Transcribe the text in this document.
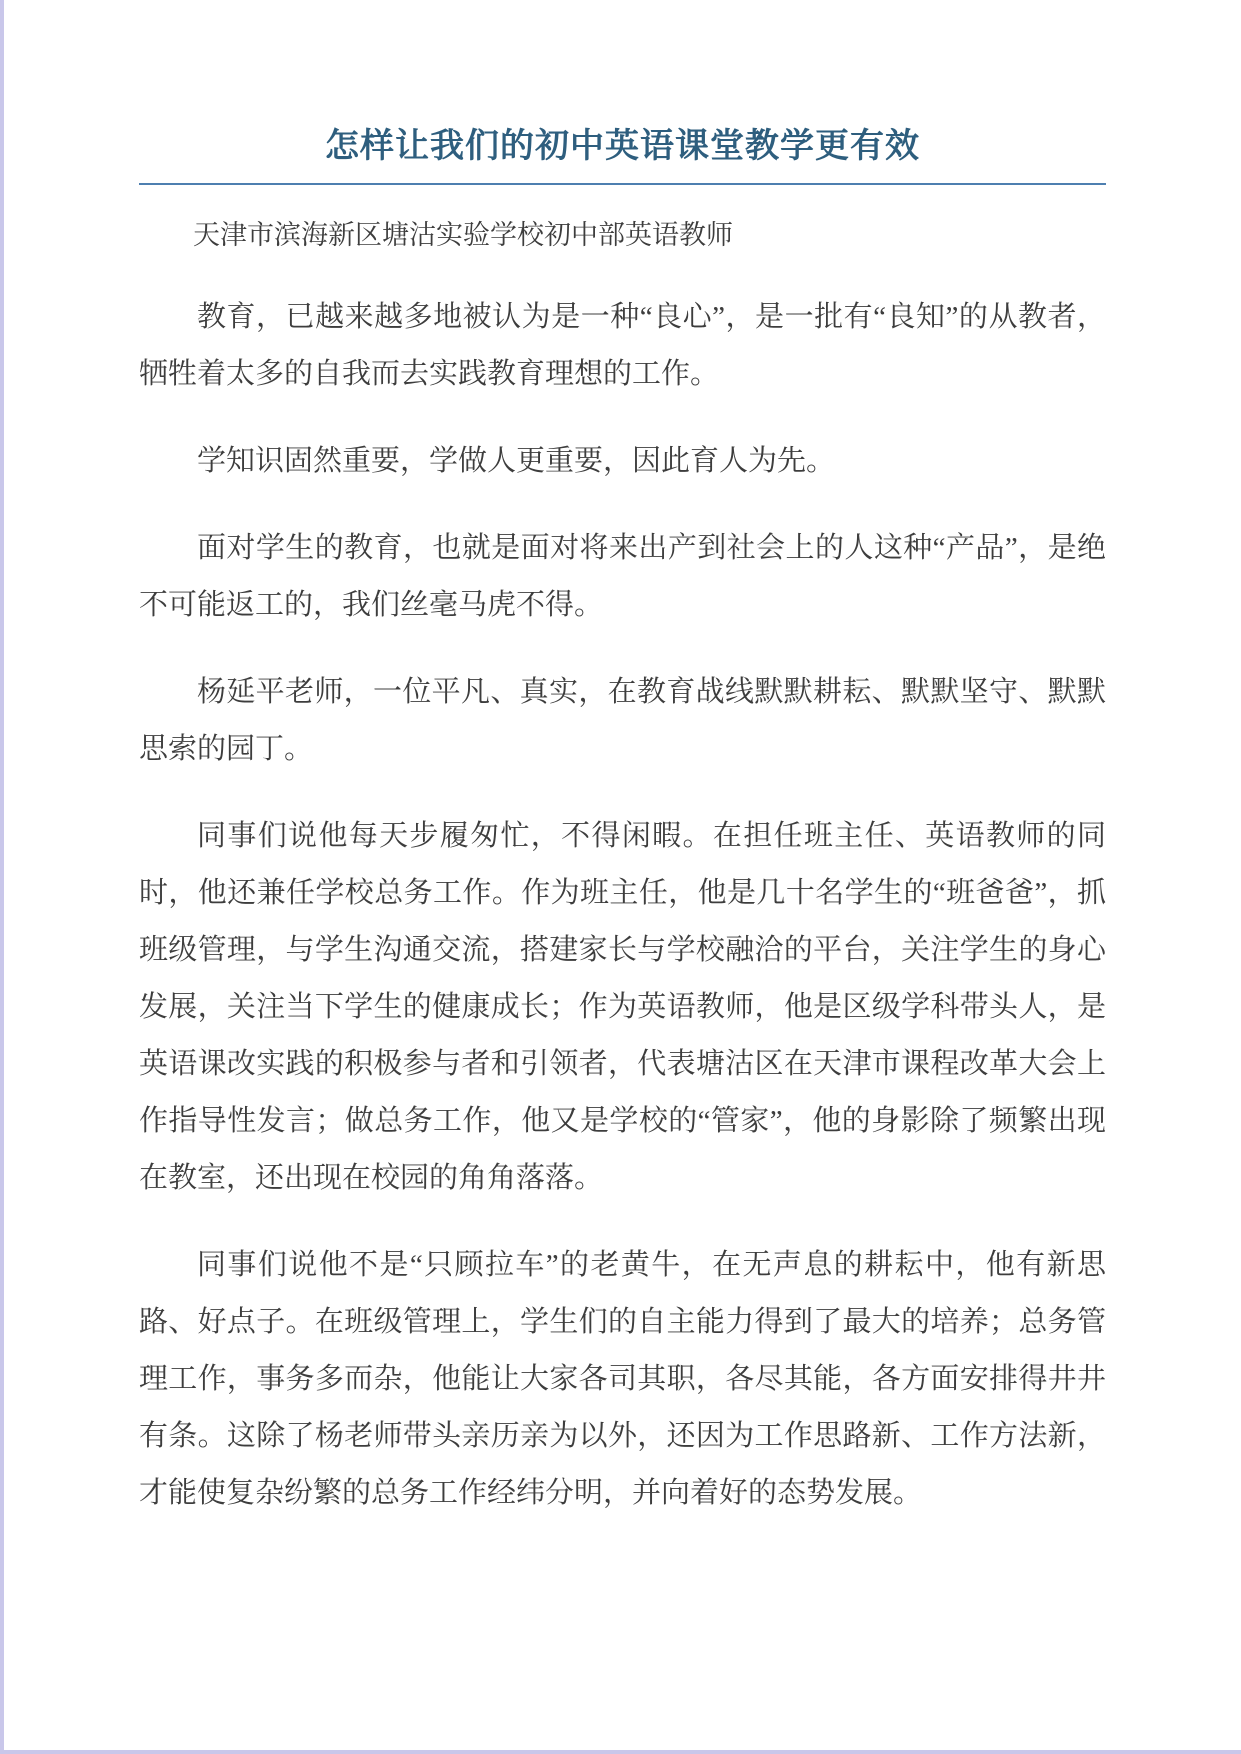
怎样让我们的初中英语课堂教学更有效

天津市滨海新区塘沽实验学校初中部英语教师

教育，已越来越多地被认为是一种“良心”，是一批有“良知”的从教者，牺牲着太多的自我而去实践教育理想的工作。

学知识固然重要，学做人更重要，因此育人为先。

面对学生的教育，也就是面对将来出产到社会上的人这种“产品”，是绝不可能返工的，我们丝毫马虎不得。

杨延平老师，一位平凡、真实，在教育战线默默耕耘、默默坚守、默默思索的园丁。

同事们说他每天步履匆忙，不得闲暇。在担任班主任、英语教师的同时，他还兼任学校总务工作。作为班主任，他是几十名学生的“班爸爸”，抓班级管理，与学生沟通交流，搭建家长与学校融洽的平台，关注学生的身心发展，关注当下学生的健康成长；作为英语教师，他是区级学科带头人，是英语课改实践的积极参与者和引领者，代表塘沽区在天津市课程改革大会上作指导性发言；做总务工作，他又是学校的“管家”，他的身影除了频繁出现在教室，还出现在校园的角角落落。

同事们说他不是“只顾拉车”的老黄牛，在无声息的耕耘中，他有新思路、好点子。在班级管理上，学生们的自主能力得到了最大的培养；总务管理工作，事务多而杂，他能让大家各司其职，各尽其能，各方面安排得井井有条。这除了杨老师带头亲历亲为以外，还因为工作思路新、工作方法新，才能使复杂纷繁的总务工作经纬分明，并向着好的态势发展。
